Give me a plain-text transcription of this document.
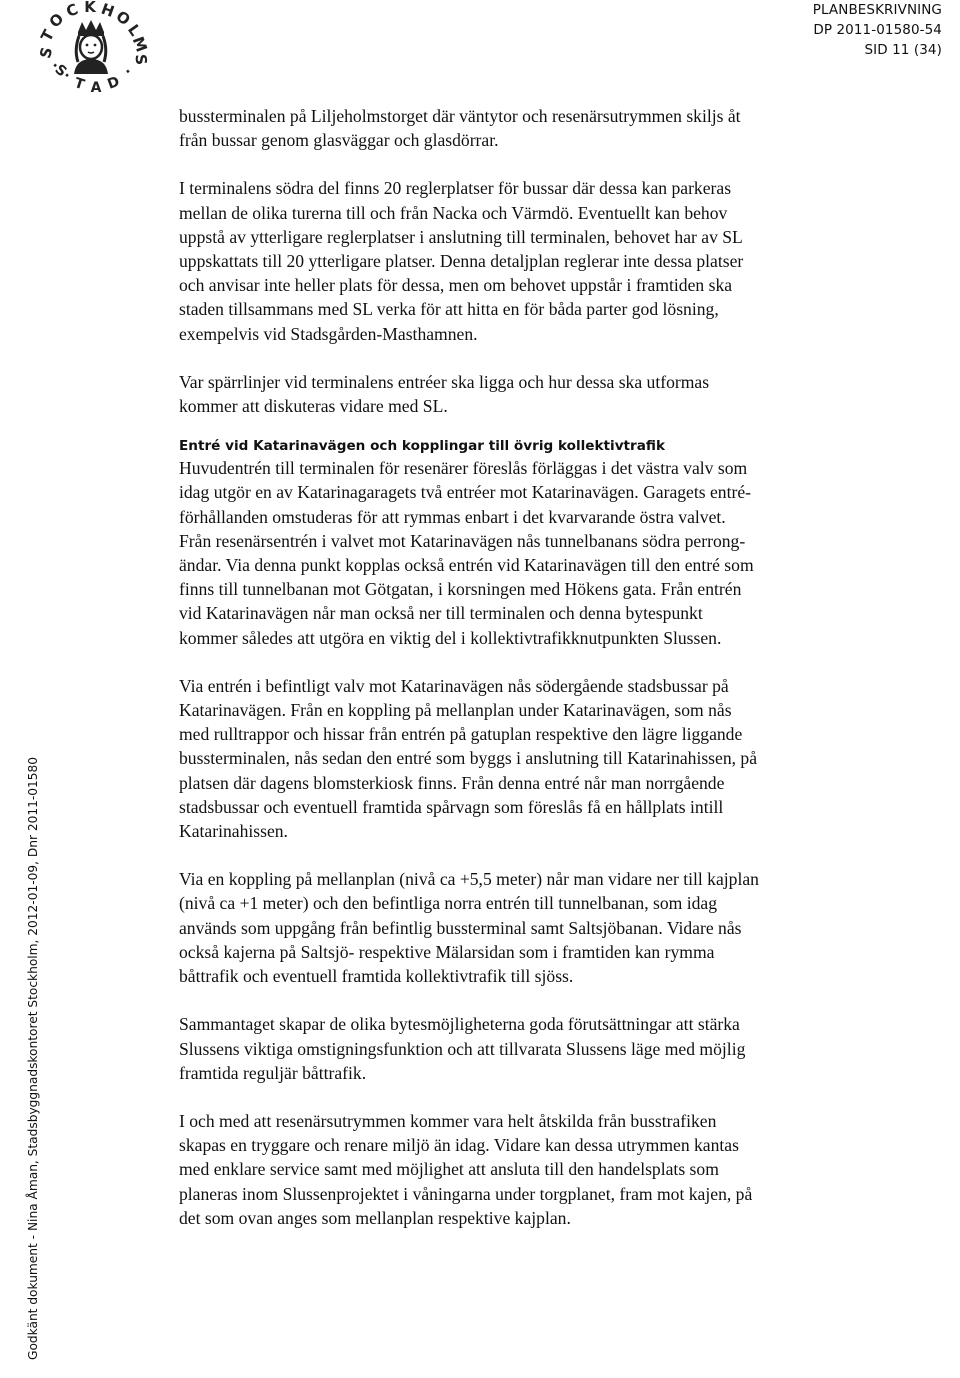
S
T
O
C K H
O
L
M
S
·S·
T A D
·
PLANBESKRIVNING
DP 2011-01580-54
SID 11 (34)

bussterminalen på Liljeholmstorget där väntytor och resenärsutrymmen skiljs åt
från bussar genom glasväggar och glasdörrar.

I terminalens södra del finns 20 reglerplatser för bussar där dessa kan parkeras
mellan de olika turerna till och från Nacka och Värmdö. Eventuellt kan behov
uppstå av ytterligare reglerplatser i anslutning till terminalen, behovet har av SL
uppskattats till 20 ytterligare platser. Denna detaljplan reglerar inte dessa platser
och anvisar inte heller plats för dessa, men om behovet uppstår i framtiden ska
staden tillsammans med SL verka för att hitta en för båda parter god lösning,
exempelvis vid Stadsgården-Masthamnen.

Var spärrlinjer vid terminalens entréer ska ligga och hur dessa ska utformas
kommer att diskuteras vidare med SL.

Entré vid Katarinavägen och kopplingar till övrig kollektivtrafik

Huvudentrén till terminalen för resenärer föreslås förläggas i det västra valv som
idag utgör en av Katarinagaragets två entréer mot Katarinavägen. Garagets entré-
förhållanden omstuderas för att rymmas enbart i det kvarvarande östra valvet.
Från resenärsentrén i valvet mot Katarinavägen nås tunnelbanans södra perrong-
ändar. Via denna punkt kopplas också entrén vid Katarinavägen till den entré som
finns till tunnelbanan mot Götgatan, i korsningen med Hökens gata. Från entrén
vid Katarinavägen når man också ner till terminalen och denna bytespunkt
kommer således att utgöra en viktig del i kollektivtrafikknutpunkten Slussen.

Via entrén i befintligt valv mot Katarinavägen nås södergående stadsbussar på
Katarinavägen. Från en koppling på mellanplan under Katarinavägen, som nås
med rulltrappor och hissar från entrén på gatuplan respektive den lägre liggande
bussterminalen, nås sedan den entré som byggs i anslutning till Katarinahissen, på
platsen där dagens blomsterkiosk finns. Från denna entré når man norrgående
stadsbussar och eventuell framtida spårvagn som föreslås få en hållplats intill
Katarinahissen.

Via en koppling på mellanplan (nivå ca +5,5 meter) når man vidare ner till kajplan
(nivå ca +1 meter) och den befintliga norra entrén till tunnelbanan, som idag
används som uppgång från befintlig bussterminal samt Saltsjöbanan. Vidare nås
också kajerna på Saltsjö- respektive Mälarsidan som i framtiden kan rymma
båttrafik och eventuell framtida kollektivtrafik till sjöss.

Sammantaget skapar de olika bytesmöjligheterna goda förutsättningar att stärka
Slussens viktiga omstigningsfunktion och att tillvarata Slussens läge med möjlig
framtida reguljär båttrafik.

I och med att resenärsutrymmen kommer vara helt åtskilda från busstrafiken
skapas en tryggare och renare miljö än idag. Vidare kan dessa utrymmen kantas
med enklare service samt med möjlighet att ansluta till den handelsplats som
planeras inom Slussenprojektet i våningarna under torgplanet, fram mot kajen, på
det som ovan anges som mellanplan respektive kajplan.

Godkänt dokument - Nina Åman, Stadsbyggnadskontoret Stockholm, 2012-01-09, Dnr 2011-01580
